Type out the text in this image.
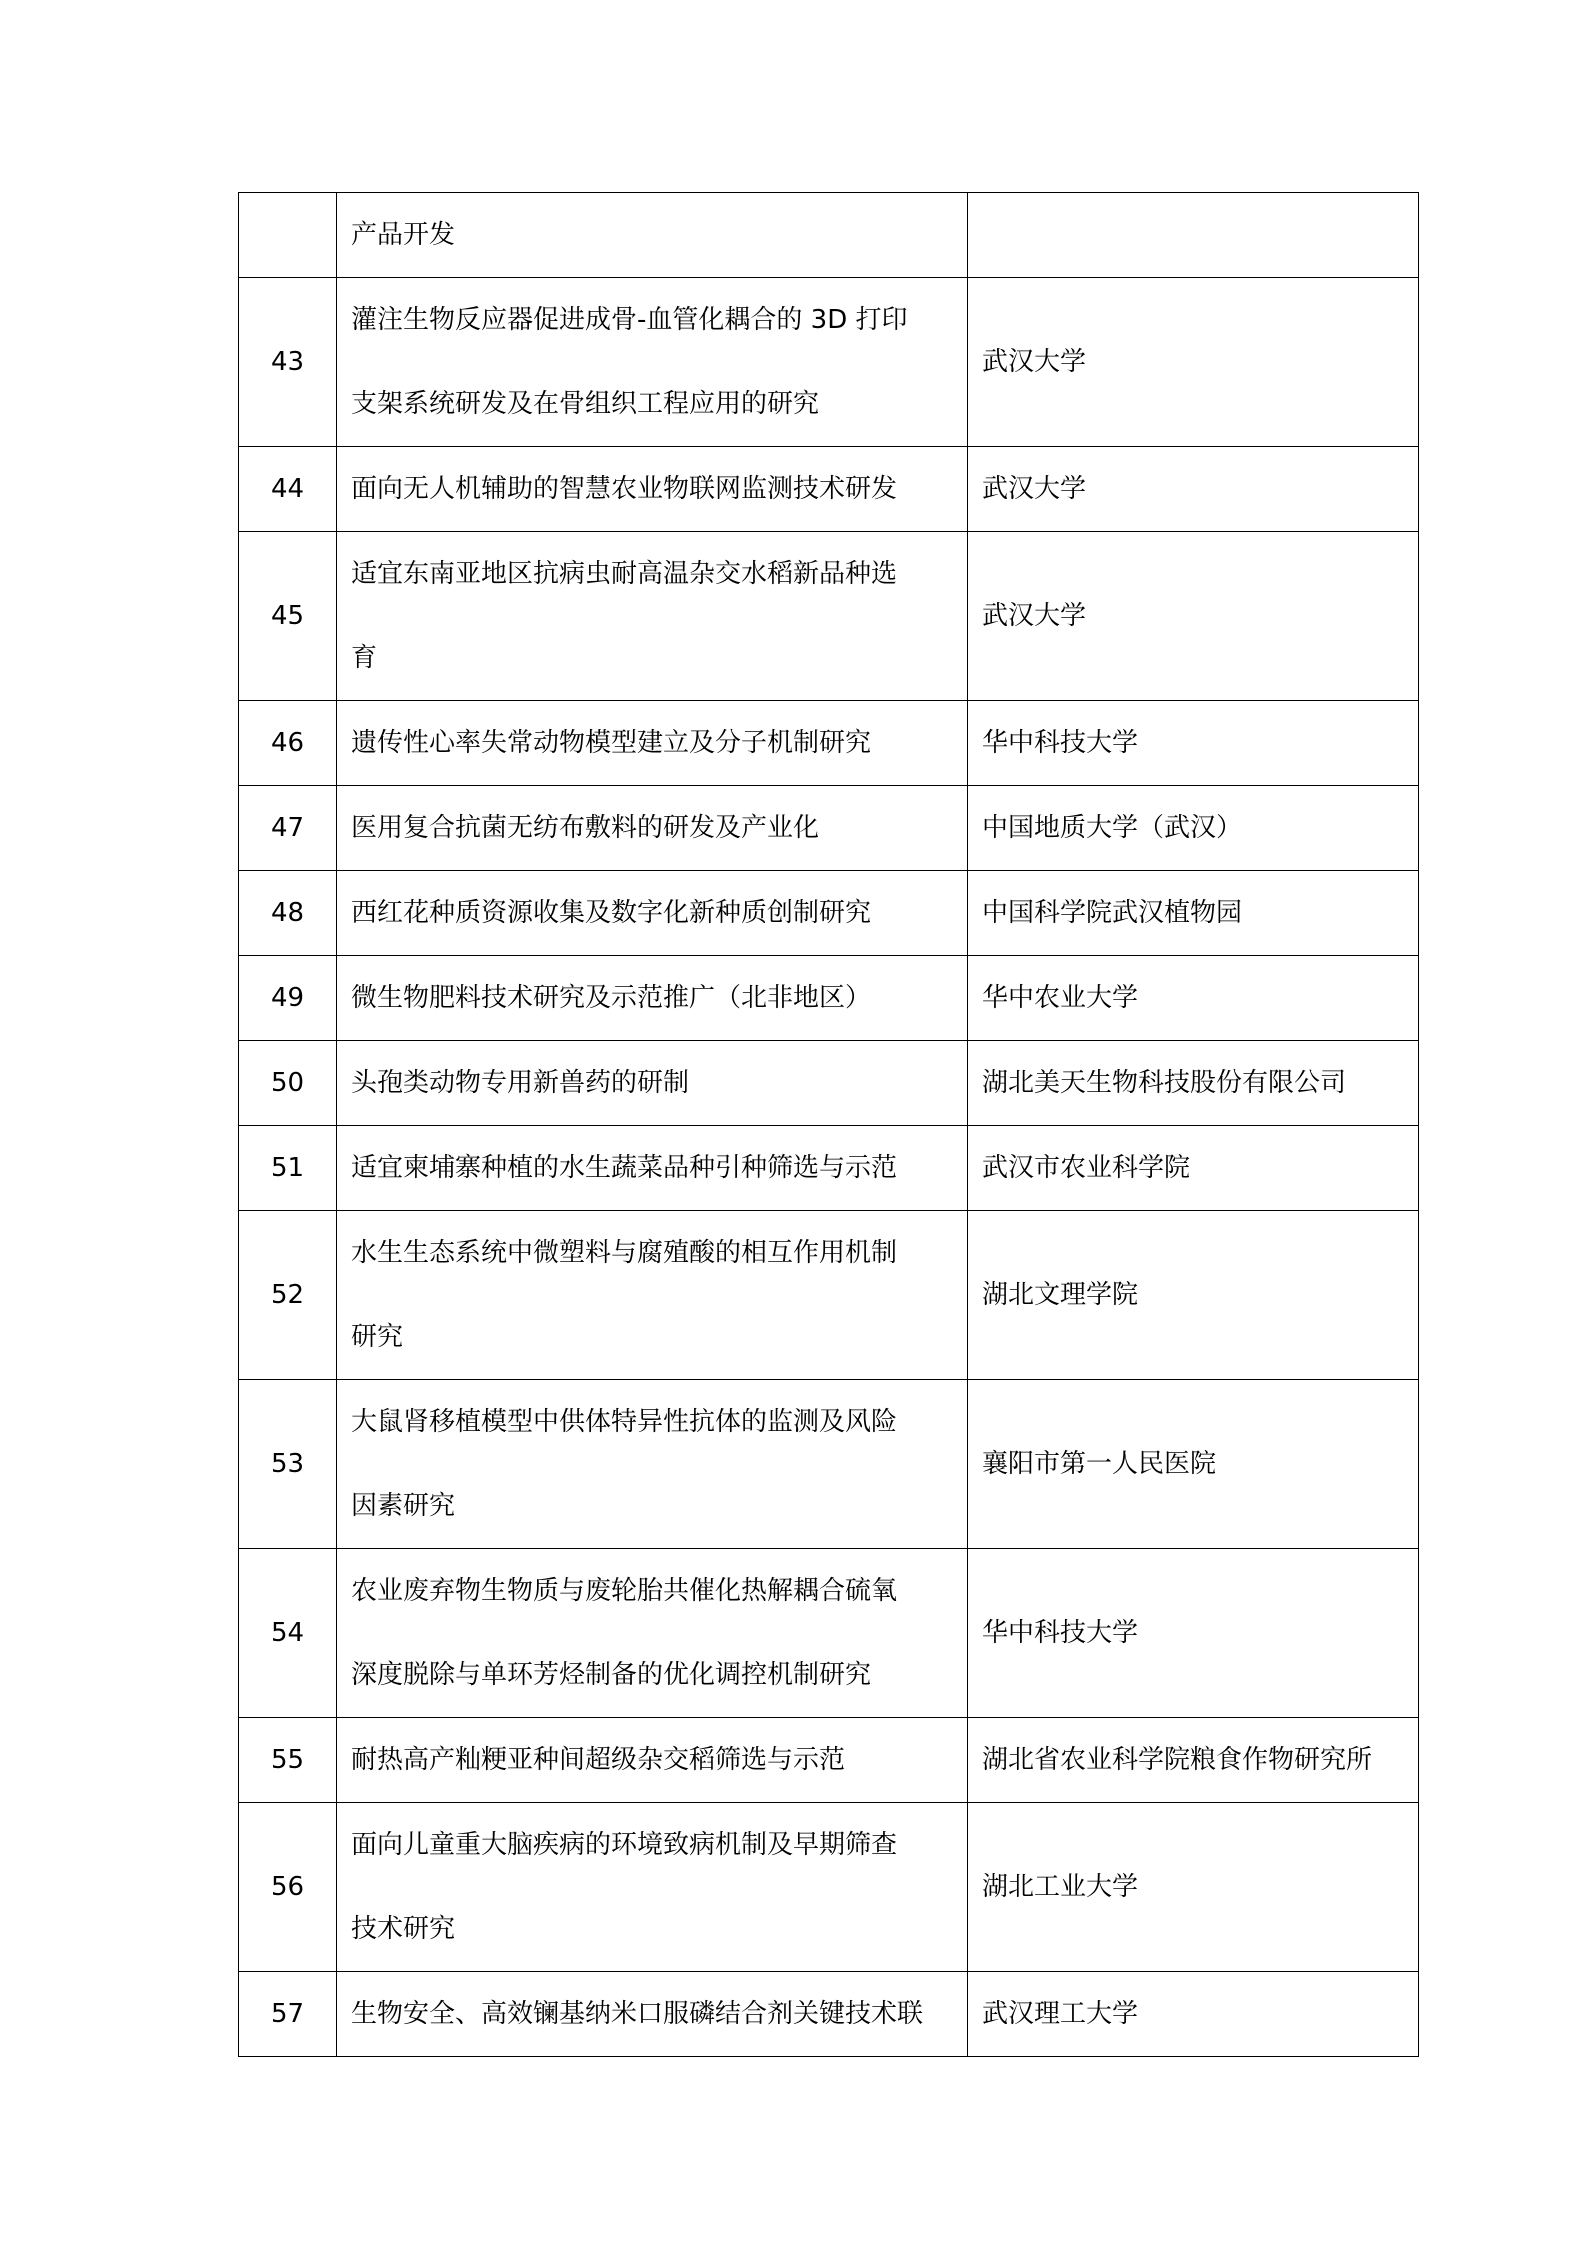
	产品开发	
43	灌注生物反应器促进成骨-血管化耦合的 3D 打印
支架系统研发及在骨组织工程应用的研究	武汉大学
44	面向无人机辅助的智慧农业物联网监测技术研发	武汉大学
45	适宜东南亚地区抗病虫耐高温杂交水稻新品种选
育	武汉大学
46	遗传性心率失常动物模型建立及分子机制研究	华中科技大学
47	医用复合抗菌无纺布敷料的研发及产业化	中国地质大学（武汉）
48	西红花种质资源收集及数字化新种质创制研究	中国科学院武汉植物园
49	微生物肥料技术研究及示范推广（北非地区）	华中农业大学
50	头孢类动物专用新兽药的研制	湖北美天生物科技股份有限公司
51	适宜柬埔寨种植的水生蔬菜品种引种筛选与示范	武汉市农业科学院
52	水生生态系统中微塑料与腐殖酸的相互作用机制
研究	湖北文理学院
53	大鼠肾移植模型中供体特异性抗体的监测及风险
因素研究	襄阳市第一人民医院
54	农业废弃物生物质与废轮胎共催化热解耦合硫氧
深度脱除与单环芳烃制备的优化调控机制研究	华中科技大学
55	耐热高产籼粳亚种间超级杂交稻筛选与示范	湖北省农业科学院粮食作物研究所
56	面向儿童重大脑疾病的环境致病机制及早期筛查
技术研究	湖北工业大学
57	生物安全、高效镧基纳米口服磷结合剂关键技术联	武汉理工大学
